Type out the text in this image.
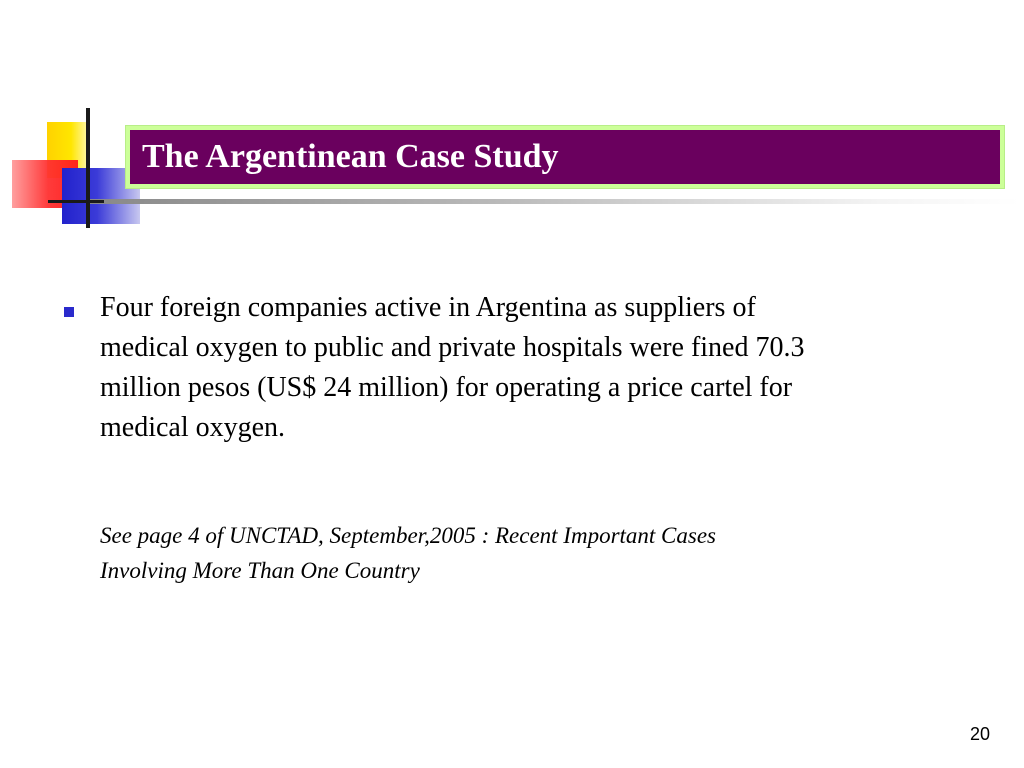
The Argentinean Case Study

Four foreign companies active in Argentina as suppliers of

medical oxygen to public and private hospitals were fined 70.3

million pesos (US$ 24 million) for operating a price cartel for

medical oxygen.

See page 4 of UNCTAD, September,2005 : Recent Important Cases

Involving More Than One Country

20
